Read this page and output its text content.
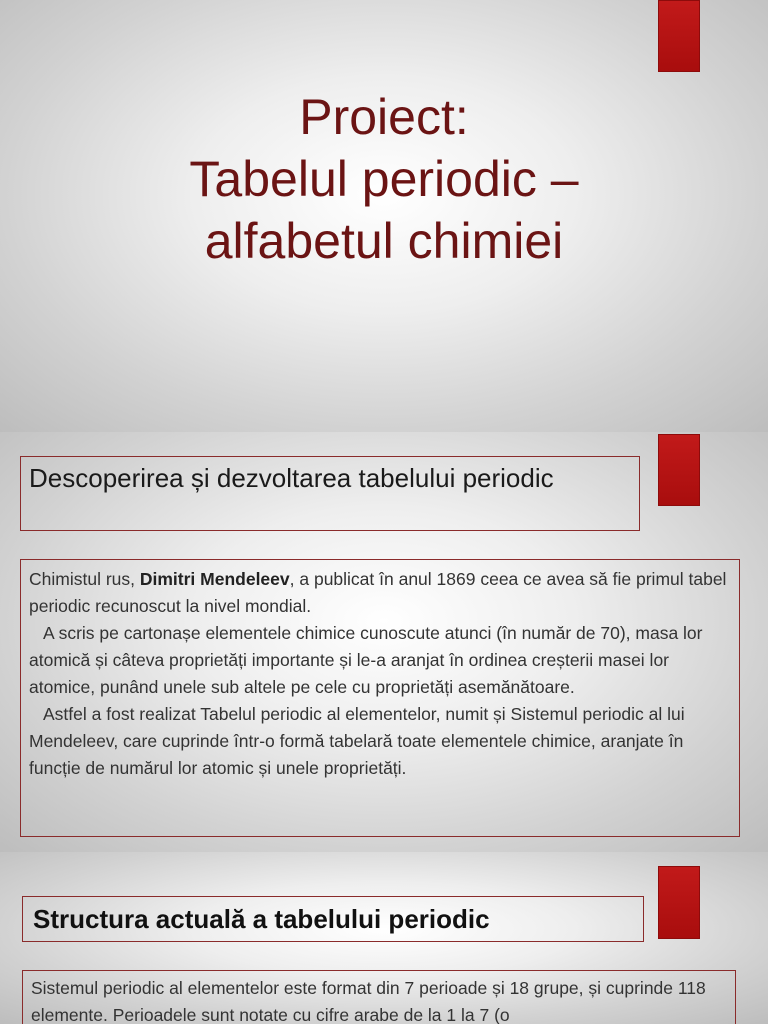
Proiect:
Tabelul periodic –
alfabetul chimiei
Descoperirea și dezvoltarea tabelului periodic

Chimistul rus, Dimitri Mendeleev, a publicat în anul 1869 ceea ce avea să fie primul tabel periodic recunoscut la nivel mondial.

A scris pe cartonașe elementele chimice cunoscute atunci (în număr de 70), masa lor atomică și câteva proprietăți importante și le-a aranjat în ordinea creșterii masei lor atomice, punând unele sub altele pe cele cu proprietăți asemănătoare.

Astfel a fost realizat Tabelul periodic al elementelor, numit și Sistemul periodic al lui Mendeleev, care cuprinde într-o formă tabelară toate elementele chimice, aranjate în funcție de numărul lor atomic și unele proprietăți.

Structura actuală a tabelului periodic

Sistemul periodic al elementelor este format din 7 perioade și 18 grupe, și cuprinde 118 elemente. Perioadele sunt notate cu cifre arabe de la 1 la 7 (o
